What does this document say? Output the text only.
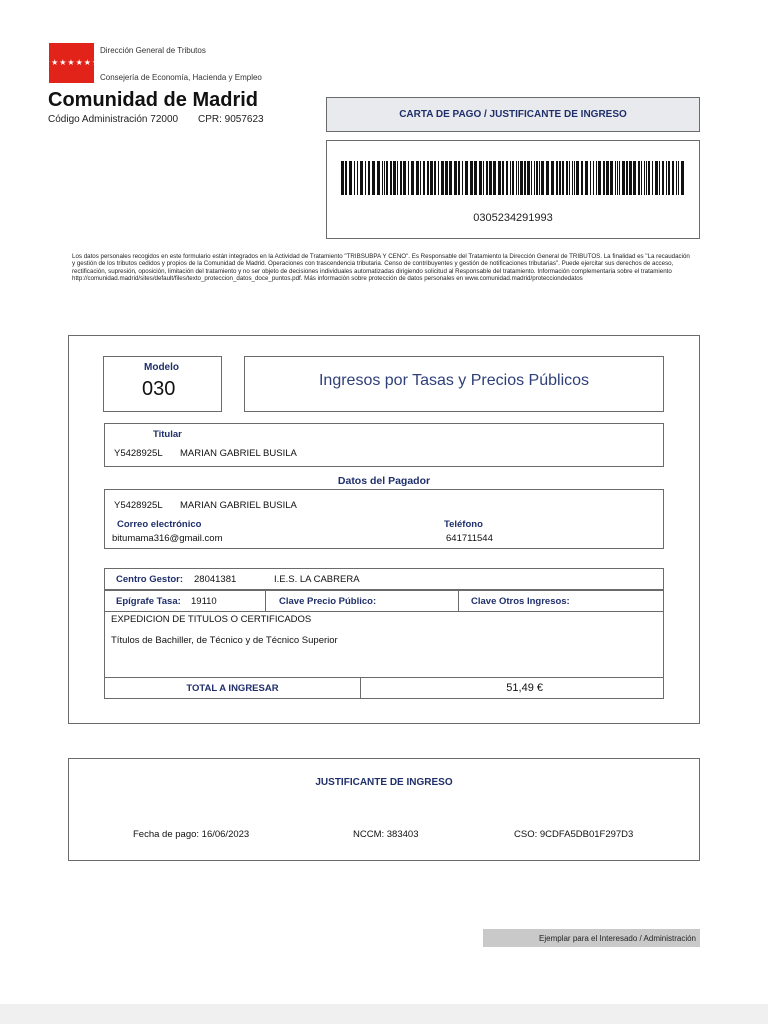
★★★★★★★
Dirección General de Tributos
Consejería de Economía, Hacienda y Empleo
Comunidad de Madrid
Código Administración 72000 CPR: 9057623	CARTA DE PAGO / JUSTIFICANTE DE INGRESO
0305234291993
Los datos personales recogidos en este formulario están integrados en la Actividad de Tratamiento "TRIBSUBPA Y CENO". Es Responsable del Tratamiento la Dirección General de TRIBUTOS. La finalidad es "La recaudación y gestión de los tributos cedidos y propios de la Comunidad de Madrid. Operaciones con trascendencia tributaria. Censo de contribuyentes y gestión de notificaciones tributarias". Puede ejercitar sus derechos de acceso, rectificación, supresión, oposición, limitación del tratamiento y no ser objeto de decisiones individuales automatizadas dirigiendo solicitud al Responsable del tratamiento. Información complementaria sobre el tratamiento http://comunidad.madrid/sites/default/files/texto_proteccion_datos_doce_puntos.pdf. Más información sobre protección de datos personales en www.comunidad.madrid/protecciondedatos
Modelo
030	Ingresos por Tasas y Precios Públicos
Titular
Y5428925L MARIAN GABRIEL BUSILA
Datos del Pagador
Y5428925L MARIAN GABRIEL BUSILA
Correo electrónico
bitumama316@gmail.com
Teléfono
641711544
Centro Gestor: 28041381	I.E.S. LA CABRERA
Epígrafe Tasa: 19110	Clave Precio Público:	Clave Otros Ingresos:
EXPEDICION DE TITULOS O CERTIFICADOS
Títulos de Bachiller, de Técnico y de Técnico Superior
TOTAL A INGRESAR	51,49 €
JUSTIFICANTE DE INGRESO
Fecha de pago: 16/06/2023	NCCM: 383403	CSO: 9CDFA5DB01F297D3
Ejemplar para el Interesado / Administración
